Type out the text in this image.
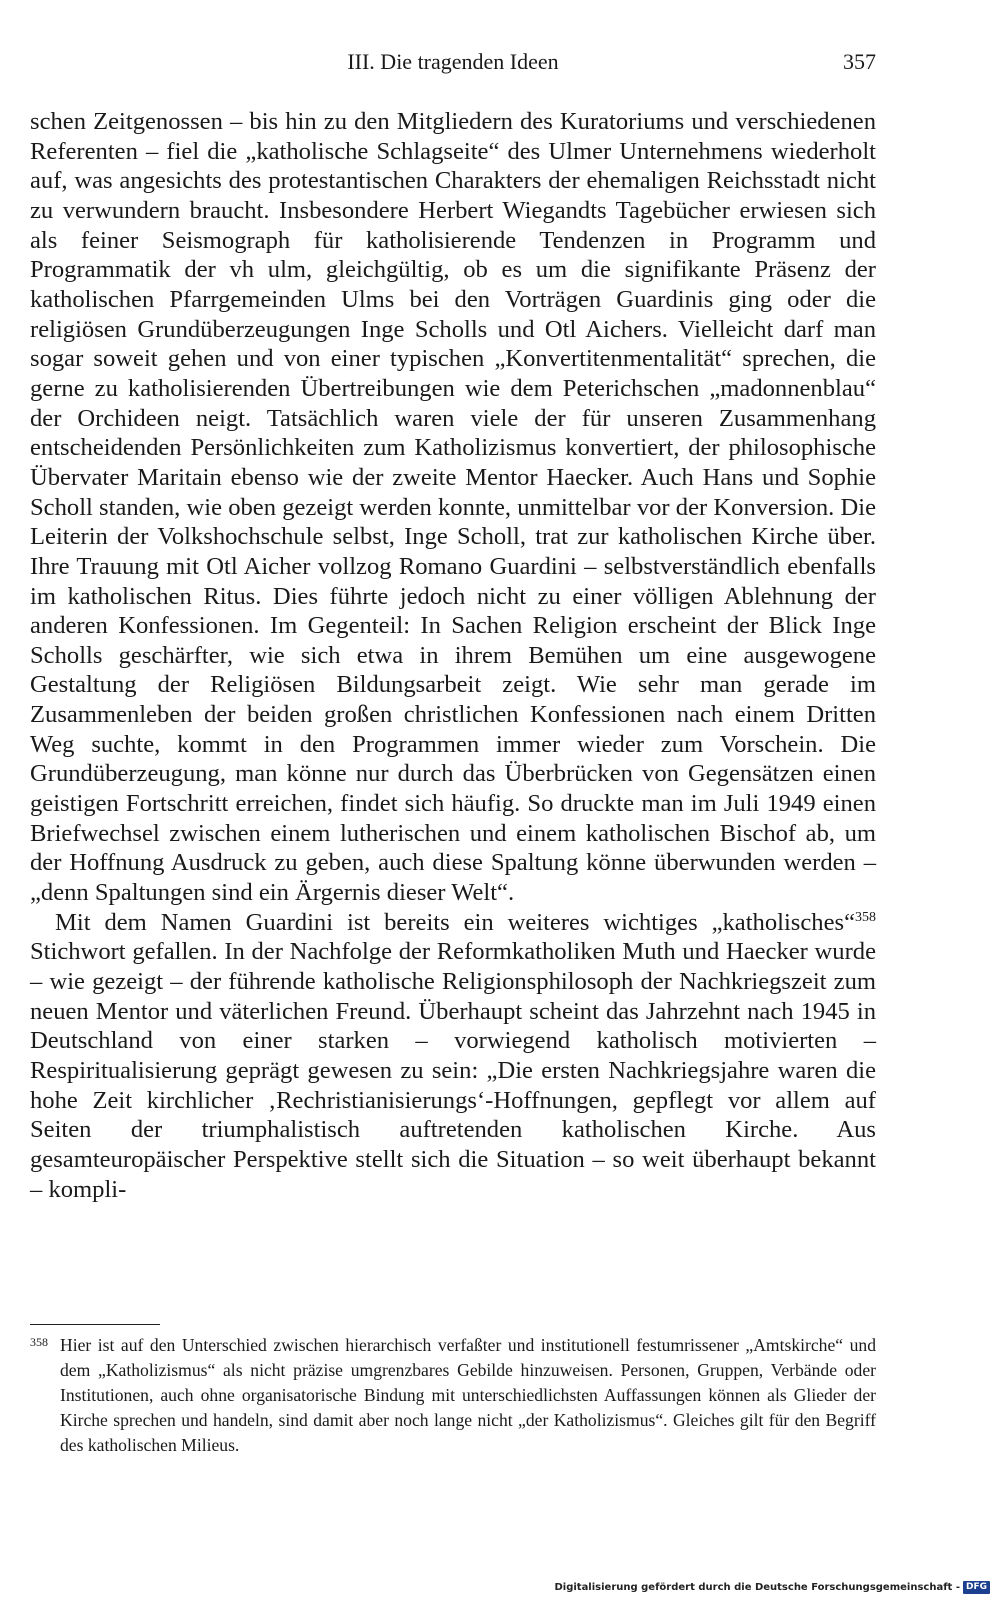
III. Die tragenden Ideen	357

schen Zeitgenossen – bis hin zu den Mitgliedern des Kuratoriums und verschiedenen Referenten – fiel die „katholische Schlagseite“ des Ulmer Unternehmens wiederholt auf, was angesichts des protestantischen Charakters der ehemaligen Reichsstadt nicht zu verwundern braucht. Insbesondere Herbert Wiegandts Tagebücher erwiesen sich als feiner Seismograph für katholisierende Tendenzen in Programm und Programmatik der vh ulm, gleichgültig, ob es um die signifikante Präsenz der katholischen Pfarrgemeinden Ulms bei den Vorträgen Guardinis ging oder die religiösen Grundüberzeugungen Inge Scholls und Otl Aichers. Vielleicht darf man sogar soweit gehen und von einer typischen „Konvertitenmentalität“ sprechen, die gerne zu katholisierenden Übertreibungen wie dem Peterichschen „madonnenblau“ der Orchideen neigt. Tatsächlich waren viele der für unseren Zusammenhang entscheidenden Persönlichkeiten zum Katholizismus konvertiert, der philosophische Übervater Maritain ebenso wie der zweite Mentor Haecker. Auch Hans und Sophie Scholl standen, wie oben gezeigt werden konnte, unmittelbar vor der Konversion. Die Leiterin der Volkshochschule selbst, Inge Scholl, trat zur katholischen Kirche über. Ihre Trauung mit Otl Aicher vollzog Romano Guardini – selbstverständlich ebenfalls im katholischen Ritus. Dies führte jedoch nicht zu einer völligen Ablehnung der anderen Konfessionen. Im Gegenteil: In Sachen Religion erscheint der Blick Inge Scholls geschärfter, wie sich etwa in ihrem Bemühen um eine ausgewogene Gestaltung der Religiösen Bildungsarbeit zeigt. Wie sehr man gerade im Zusammenleben der beiden großen christlichen Konfessionen nach einem Dritten Weg suchte, kommt in den Programmen immer wieder zum Vorschein. Die Grundüberzeugung, man könne nur durch das Überbrücken von Gegensätzen einen geistigen Fortschritt erreichen, findet sich häufig. So druckte man im Juli 1949 einen Briefwechsel zwischen einem lutherischen und einem katholischen Bischof ab, um der Hoffnung Ausdruck zu geben, auch diese Spaltung könne überwunden werden – „denn Spaltungen sind ein Ärgernis dieser Welt“.

Mit dem Namen Guardini ist bereits ein weiteres wichtiges „katholisches“$^{358}$ Stichwort gefallen. In der Nachfolge der Reformkatholiken Muth und Haecker wurde – wie gezeigt – der führende katholische Religionsphilosoph der Nachkriegszeit zum neuen Mentor und väterlichen Freund. Überhaupt scheint das Jahrzehnt nach 1945 in Deutschland von einer starken – vorwiegend katholisch motivierten – Respiritualisierung geprägt gewesen zu sein: „Die ersten Nachkriegsjahre waren die hohe Zeit kirchlicher ‚Rechristianisierungs‘-Hoffnungen, gepflegt vor allem auf Seiten der triumphalistisch auftretenden katholischen Kirche. Aus gesamteuropäischer Perspektive stellt sich die Situation – so weit überhaupt bekannt – kompli-

358 Hier ist auf den Unterschied zwischen hierarchisch verfaßter und institutionell festumrissener „Amtskirche“ und dem „Katholizismus“ als nicht präzise umgrenzbares Gebilde hinzuweisen. Personen, Gruppen, Verbände oder Institutionen, auch ohne organisatorische Bindung mit unterschiedlichsten Auffassungen können als Glieder der Kirche sprechen und handeln, sind damit aber noch lange nicht „der Katholizismus“. Gleiches gilt für den Begriff des katholischen Milieus.
Digitalisierung gefördert durch die Deutsche Forschungsgemeinschaft - DFG
